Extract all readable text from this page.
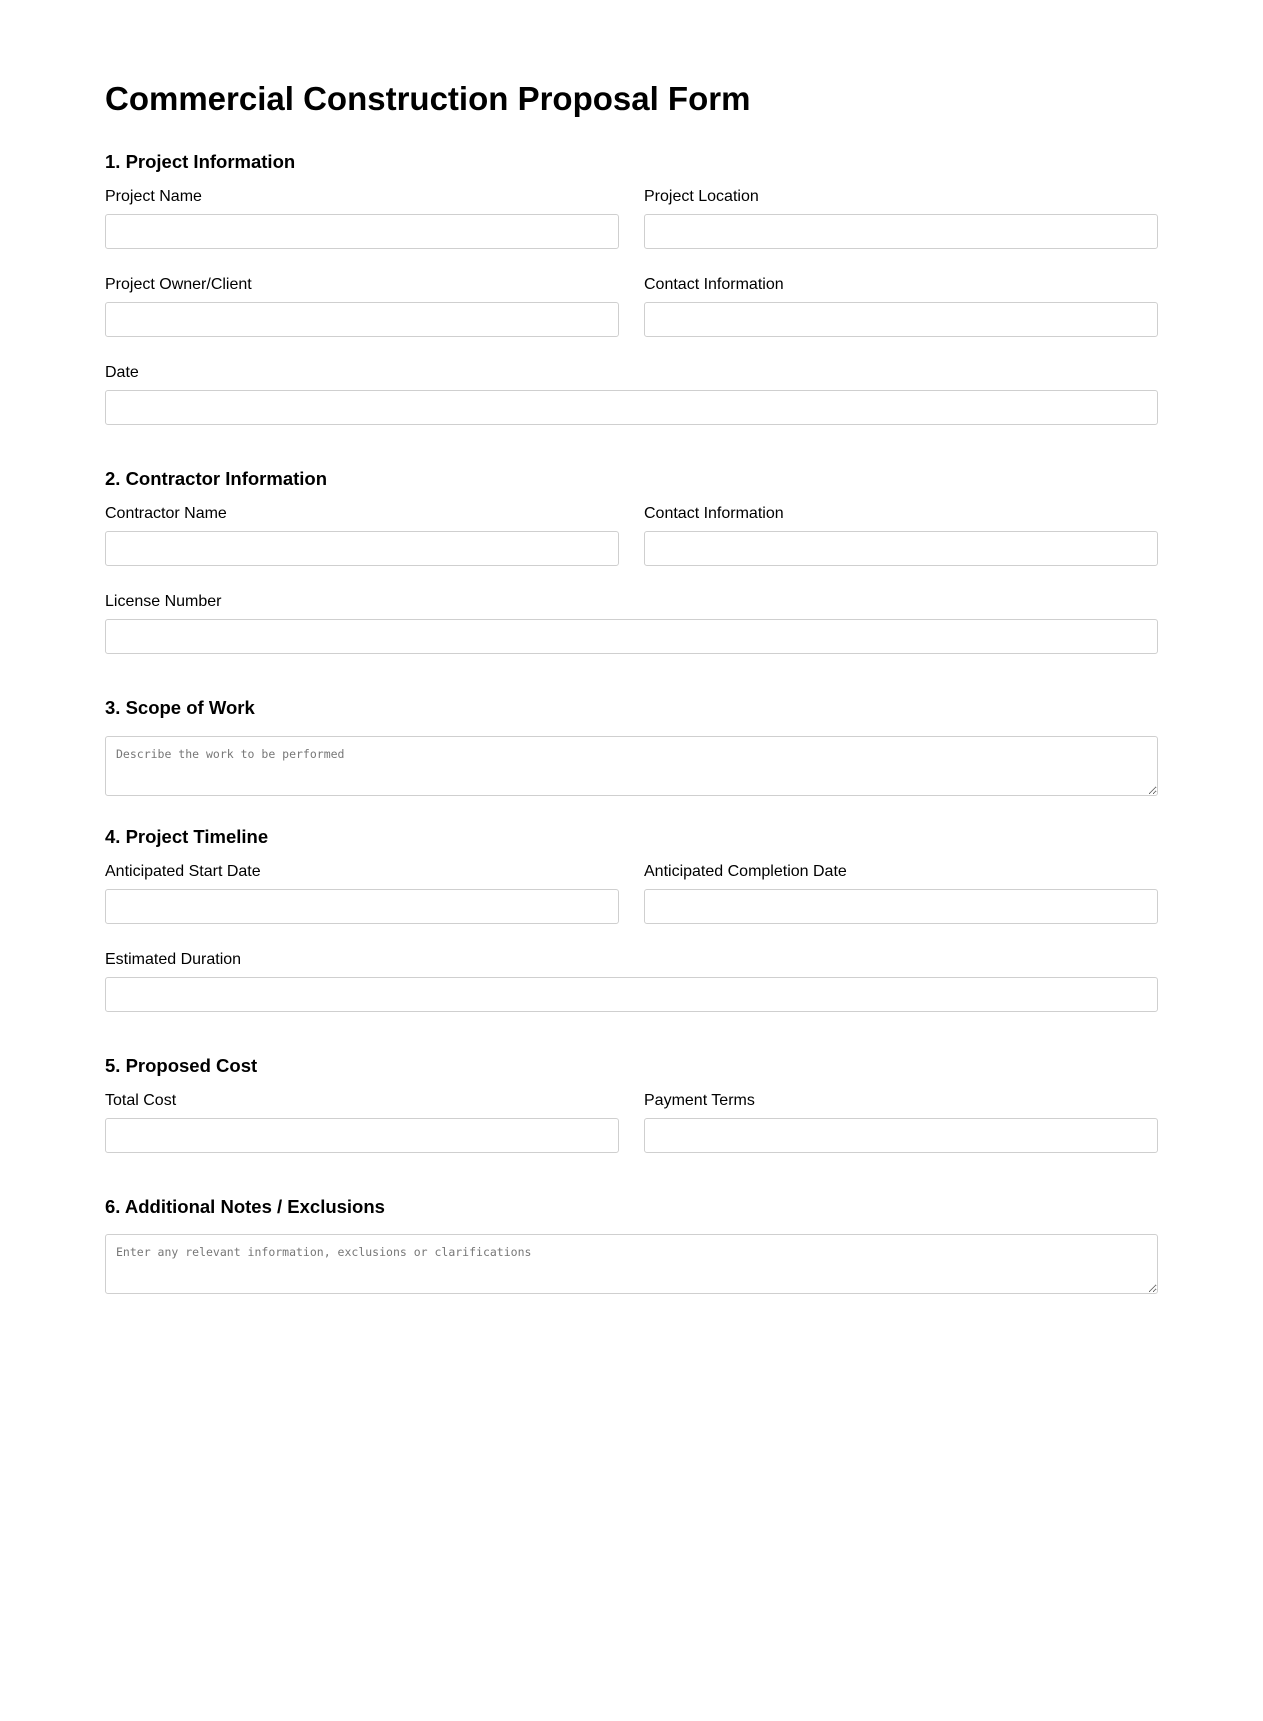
Commercial Construction Proposal Form
1. Project Information
Project Name	Project Location
Project Owner/Client	Contact Information
Date
2. Contractor Information
Contractor Name	Contact Information
License Number
3. Scope of Work
Describe the work to be performed
4. Project Timeline
Anticipated Start Date	Anticipated Completion Date
Estimated Duration
5. Proposed Cost
Total Cost	Payment Terms
6. Additional Notes / Exclusions
Enter any relevant information, exclusions or clarifications
